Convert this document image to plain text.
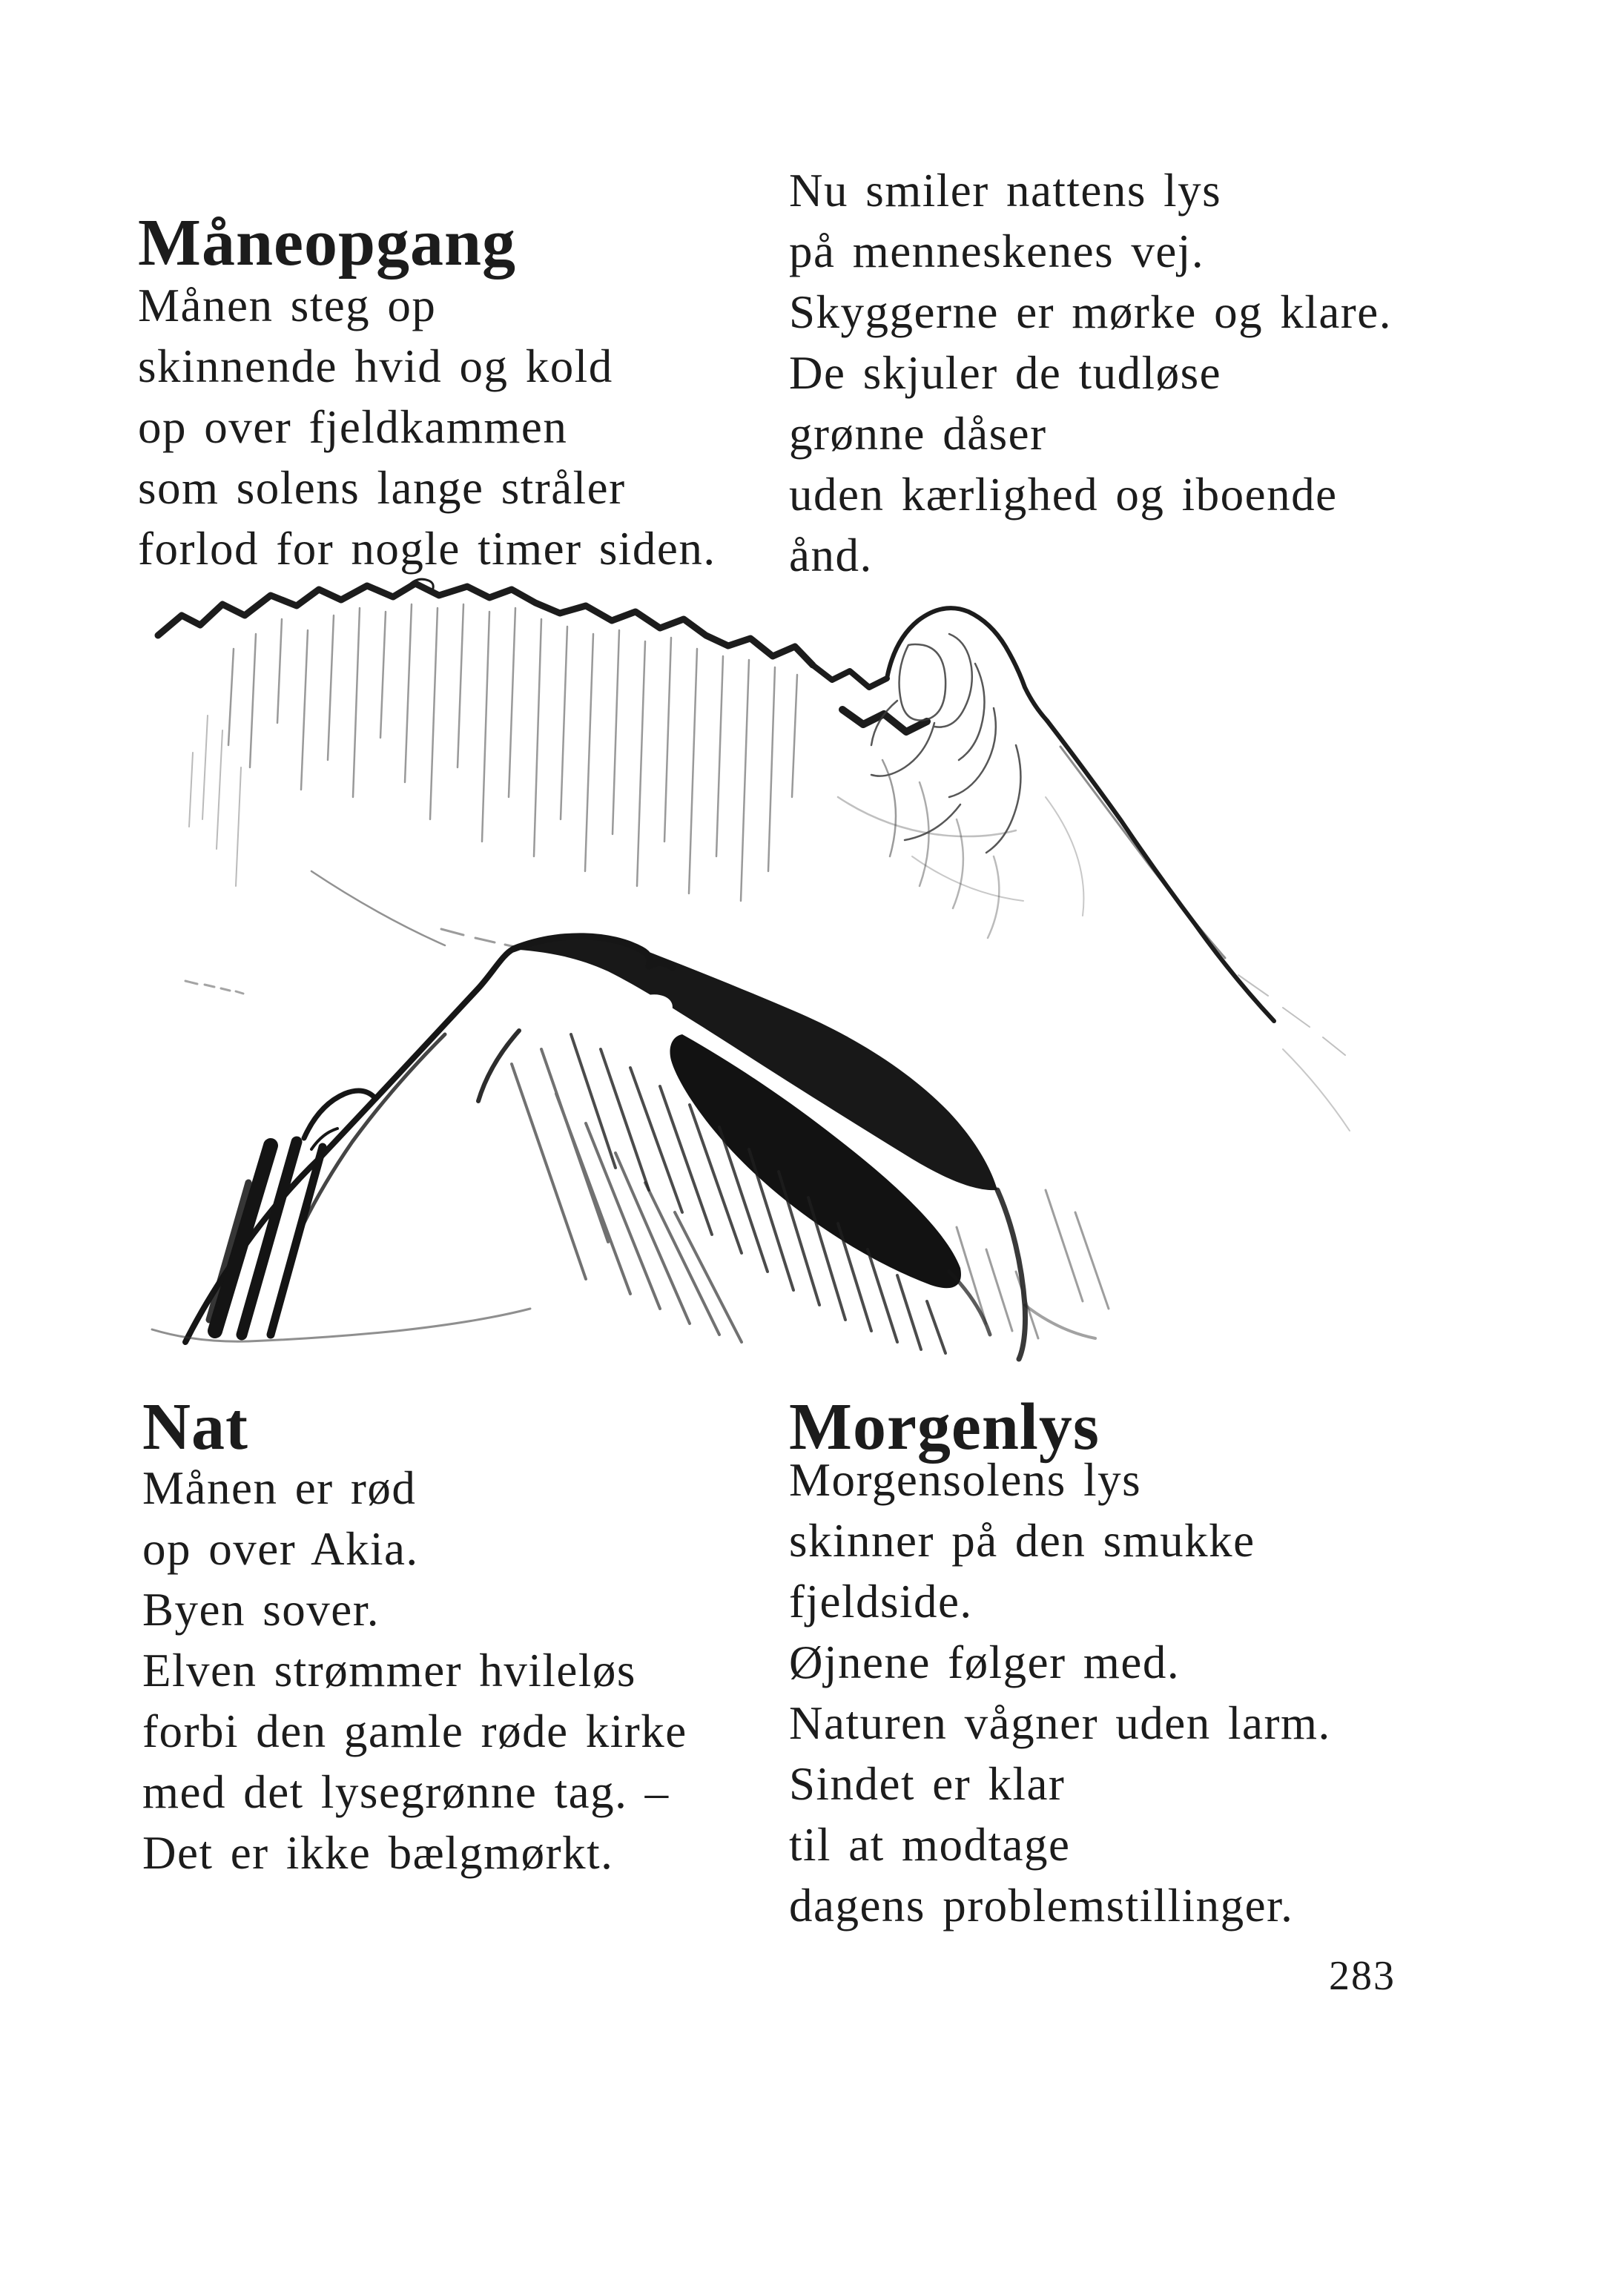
Måneopgang
Månen steg op
skinnende hvid og kold
op over fjeldkammen
som solens lange stråler
forlod for nogle timer siden.
Nu smiler nattens lys
på menneskenes vej.
Skyggerne er mørke og klare.
De skjuler de tudløse
grønne dåser
uden kærlighed og iboende
ånd.
Nat	Morgenlys
Månen er rød
op over Akia.
Byen sover.
Elven strømmer hvileløs
forbi den gamle røde kirke
med det lysegrønne tag. –
Det er ikke bælgmørkt.
Morgensolens lys
skinner på den smukke
fjeldside.
Øjnene følger med.
Naturen vågner uden larm.
Sindet er klar
til at modtage
dagens problemstillinger.
283
